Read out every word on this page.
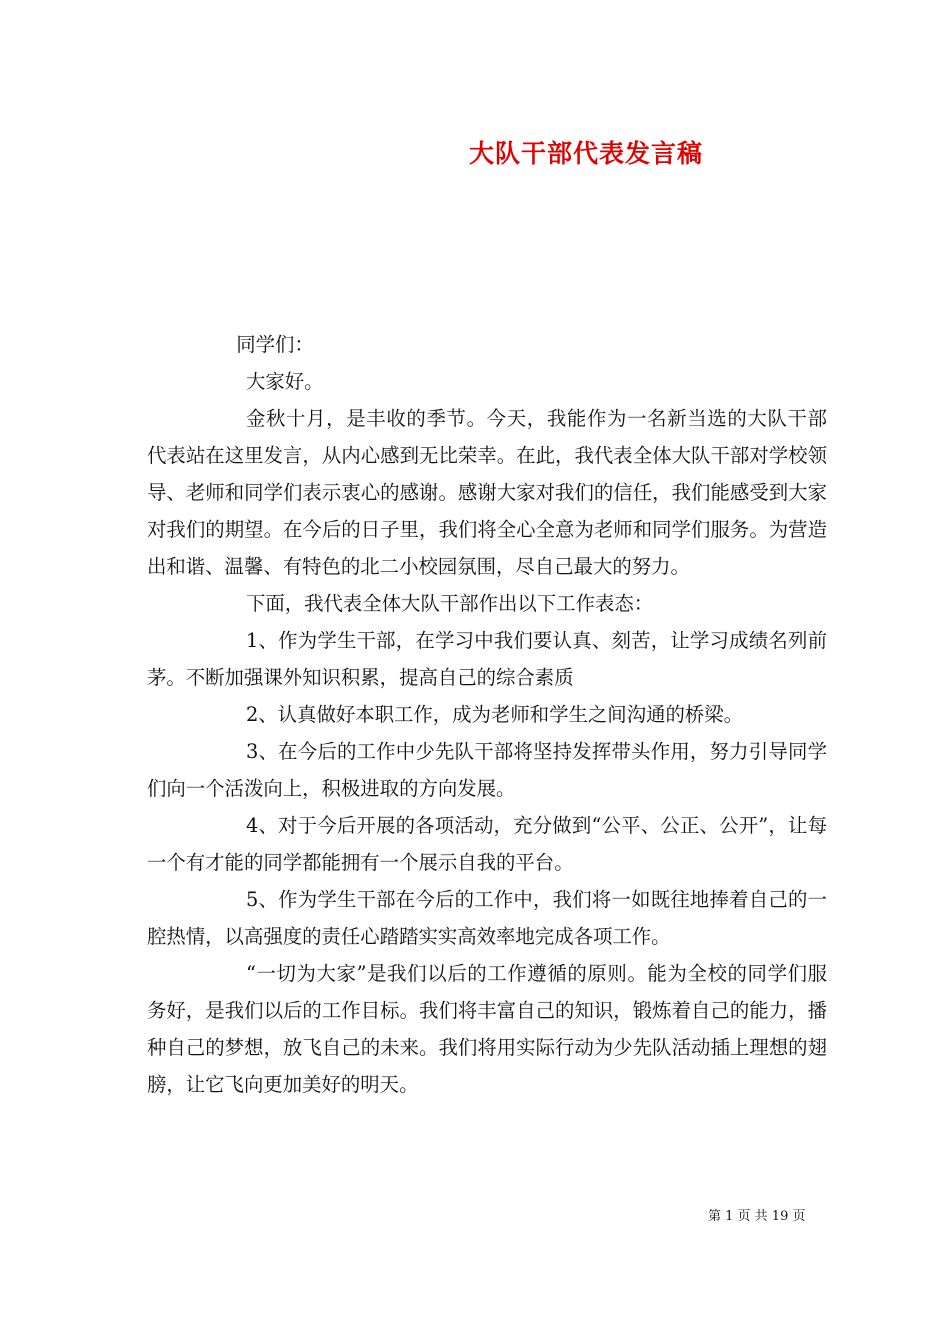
大队干部代表发言稿

同学们：

大家好。

金秋十月，是丰收的季节。今天，我能作为一名新当选的大队干部代表站在这里发言，从内心感到无比荣幸。在此，我代表全体大队干部对学校领导、老师和同学们表示衷心的感谢。感谢大家对我们的信任，我们能感受到大家对我们的期望。在今后的日子里，我们将全心全意为老师和同学们服务。为营造出和谐、温馨、有特色的北二小校园氛围，尽自己最大的努力。

下面，我代表全体大队干部作出以下工作表态：

1、作为学生干部，在学习中我们要认真、刻苦，让学习成绩名列前茅。不断加强课外知识积累，提高自己的综合素质

2、认真做好本职工作，成为老师和学生之间沟通的桥梁。

3、在今后的工作中少先队干部将坚持发挥带头作用，努力引导同学们向一个活泼向上，积极进取的方向发展。

4、对于今后开展的各项活动，充分做到“公平、公正、公开”，让每一个有才能的同学都能拥有一个展示自我的平台。

5、作为学生干部在今后的工作中，我们将一如既往地捧着自己的一腔热情，以高强度的责任心踏踏实实高效率地完成各项工作。

“一切为大家”是我们以后的工作遵循的原则。能为全校的同学们服务好，是我们以后的工作目标。我们将丰富自己的知识，锻炼着自己的能力，播种自己的梦想，放飞自己的未来。我们将用实际行动为少先队活动插上理想的翅膀，让它飞向更加美好的明天。

第 1 页 共 19 页
